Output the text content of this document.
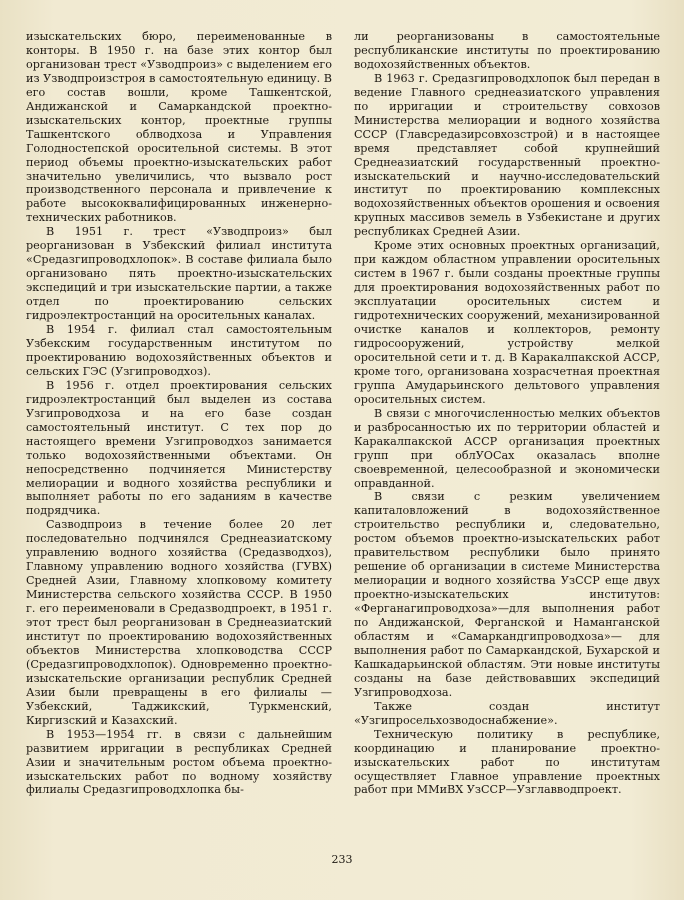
изыскательских бюро, переименованные в конторы. В 1950 г. на базе этих контор был организован трест «Узводпроиз» с выделением его из Узводпроизстроя в самостоятельную единицу. В его состав вошли, кроме Ташкентской, Андижанской и Самаркандской проектно-изыскательских контор, проектные группы Ташкентского облводхоза и Управления Голодностепской оросительной системы. В этот период объемы проектно-изыскательских работ значительно увеличились, что вызвало рост производственного персонала и привлечение к работе высококвалифицированных инженерно-технических работников.

В 1951 г. трест «Узводпроиз» был реорганизован в Узбекский филиал института «Средазгипроводхлопок». В составе филиала было организовано пять проектно-изыскательских экспедиций и три изыскательские партии, а также отдел по проектированию сельских гидроэлектростанций на оросительных каналах.

В 1954 г. филиал стал самостоятельным Узбекским государственным институтом по проектированию водохозяйственных объектов и сельских ГЭС (Узгипроводхоз).

В 1956 г. отдел проектирования сельских гидроэлектростанций был выделен из состава Узгипроводхоза и на его базе создан самостоятельный институт. С тех пор до настоящего времени Узгипроводхоз занимается только водохозяйственными объектами. Он непосредственно подчиняется Министерству мелиорации и водного хозяйства республики и выполняет работы по его заданиям в качестве подрядчика.

Сазводпроиз в течение более 20 лет последовательно подчинялся Среднеазиатскому управлению водного хозяйства (Средазводхоз), Главному управлению водного хозяйства (ГУВХ) Средней Азии, Главному хлопковому комитету Министерства сельского хозяйства СССР. В 1950 г. его переименовали в Средазводпроект, в 1951 г. этот трест был реорганизован в Среднеазиатский институт по проектированию водохозяйственных объектов Министерства хлопководства СССР (Средазгипроводхлопок). Одновременно проектно-изыскательские организации республик Средней Азии были превращены в его филиалы — Узбекский, Таджикский, Туркменский, Киргизский и Казахский.

В 1953—1954 гг. в связи с дальнейшим развитием ирригации в республиках Средней Азии и значительным ростом объема проектно-изыскательских работ по водному хозяйству филиалы Средазгипроводхлопка бы-

ли реорганизованы в самостоятельные республиканские институты по проектированию водохозяйственных объектов.

В 1963 г. Средазгипроводхлопок был передан в ведение Главного среднеазиатского управления по ирригации и строительству совхозов Министерства мелиорации и водного хозяйства СССР (Главсредазирсовхозстрой) и в настоящее время представляет собой крупнейший Среднеазиатский государственный проектно-изыскательский и научно-исследовательский институт по проектированию комплексных водохозяйственных объектов орошения и освоения крупных массивов земель в Узбекистане и других республиках Средней Азии.

Кроме этих основных проектных организаций, при каждом областном управлении оросительных систем в 1967 г. были созданы проектные группы для проектирования водохозяйственных работ по эксплуатации оросительных систем и гидротехнических сооружений, механизированной очистке каналов и коллекторов, ремонту гидросооружений, устройству мелкой оросительной сети и т. д. В Каракалпакской АССР, кроме того, организована хозрасчетная проектная группа Амударьинского дельтового управления оросительных систем.

В связи с многочисленностью мелких объектов и разбросанностью их по территории областей и Каракалпакской АССР организация проектных групп при облУОСах оказалась вполне своевременной, целесообразной и экономически оправданной.

В связи с резким увеличением капиталовложений в водохозяйственное строительство республики и, следовательно, ростом объемов проектно-изыскательских работ правительством республики было принято решение об организации в системе Министерства мелиорации и водного хозяйства УзССР еще двух проектно-изыскательских институтов: «Ферганагипроводхоза»—для выполнения работ по Андижанской, Ферганской и Наманганской областям и «Самаркандгипроводхоза»— для выполнения работ по Самаркандской, Бухарской и Кашкадарьинской областям. Эти новые институты созданы на базе действовавших экспедиций Узгипроводхоза.

Также создан институт «Узгипросельхозводоснабжение».

Техническую политику в республике, координацию и планирование проектно-изыскательских работ по институтам осуществляет Главное управление проектных работ при ММиВХ УзССР—Узглавводпроект.

233
